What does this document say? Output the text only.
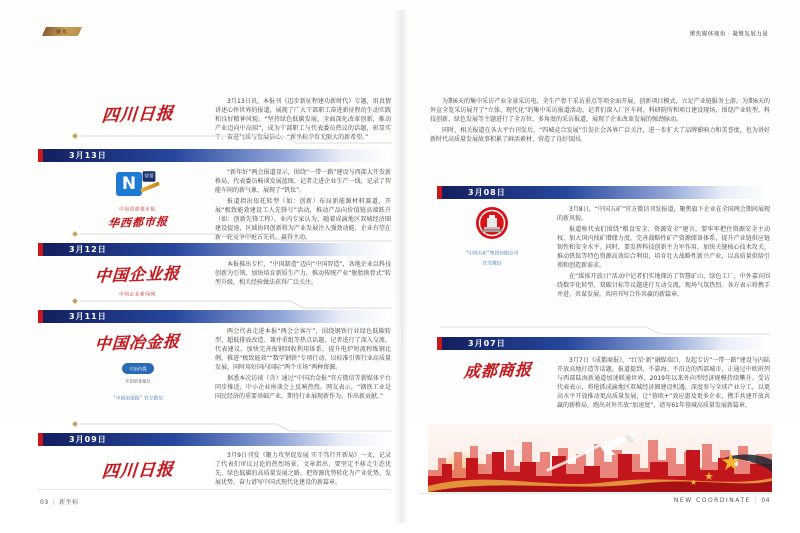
聚焦	聚焦媒体视角 · 凝聚发展力量
四川日报

3月13日讯，本报刊《迈步新征程建功新时代》专题，用真情讲述心怀世界的报道，展现了广大干部职工奋进新征程的生动实践和良好精神风貌。“坚持绿色低碳发展，全面深化改革创新，推动产业迈向中高端”，成为干部职工与代表委员热议的话题，彰显实干、奋进气质与发展信心，“新坐标孕育无限大的新希望。”

3月13日
N	帮帮
中国西部都市报
华西都市报

“新年好”两会报道显示，围绕“一带一路”建设与西部大开发新格局，代表委员畅谈发展蓝图，记者走进企业生产一线，记录了智能车间的新气象，展现了“钒钛”。

报道指出依托转型（如：创新）布局新能源材料赛道，开展“极致能效建设工人先锋号”活动，推动产品向价值链高端跃升（如：创新先锋工程）。业内专家认为，随着成渝地区双城经济圈建设提速，区域协同创新将为产业发展注入强劲动能，企业有望在新一轮竞争中抢占先机、赢得主动。

3月12日
中国企业报
中国企业新闻网

本报推出专栏，“中国制造”迈向“中国智造”，各地企业以科技创新为引领，加快培育新质生产力，推动传统产业“脱胎换骨式”转型升级，相关经验做法获得广泛关注。

3月11日
中国冶金报
中冶传媒
中国冶金报社
“中国冶金报” 官方微信

两会代表走进本报“两会会客厅”，围绕钢铁行业绿色低碳转型、超低排放改造、兼并重组等热点话题，记者进行了深入交流。代表建议，加快完善废钢回收利用体系，提升电炉短流程炼钢比例，推进“极致能效”“数字钢铁”专项行动，以标准引领行业高质量发展，同时用好国内国际“两个市场”两种资源。

据悉本次访谈（含）通过“中国冶金报”官方微信等新媒体平台同步推送，中小企业座谈会上反响热烈。网友表示，“钢铁工业是国民经济的重要基础产业，期待行业展现新作为、作出新贡献。”

3月09日
四川日报

3月9日刊发《聚力攻坚促发展 实干笃行开新局》一文，记录了代表们审议讨论的热烈场景。文章指出，要坚定不移走生态优先、绿色低碳的高质量发展之路，把资源优势转化为产业优势、发展优势，奋力谱写中国式现代化建设的新篇章。

03 | 新坐标

为期6天的集中采访产业全景采访电，全生产骨干采访重点等项全面开展，创新项目模式，立足产业链服务上游。为期6天的外宣全览采访展开了“立体、现代化”的集中采访报道活动，记者们深入厂区车间、科研院所和项目建设现场，围绕产业转型、科技创新、绿色发展等主题进行了全方位、多角度的采访报道，展现了企业改革发展的强劲脉动。

同时，相关报道在各大平台刊发后，“四城竞合发展”引发社会各界广泛关注，进一步扩大了品牌影响力和美誉度，也为讲好新时代高质量发展故事积累了鲜活素材、营造了良好氛围。

3月08日
“中国五矿”集团有限公司
官方微信

3月8日，“中国五矿”官方微信刊发报道，聚焦旗下企业在全国两会期间展现的新风貌。

报道称代表们围绕“粮食安全、资源安全”建言，要牢牢把住资源安全主动权，加大国内找矿增储力度，完善战略性矿产资源储备体系，提升产业链供应链韧性和安全水平。同时，要发挥科技创新主力军作用，加快关键核心技术攻关，推动钒钛等特色资源高效综合利用，培育壮大战略性新兴产业，以高质量供给引领和创造新需求。

在“媒体开放日”活动中记者们实地探访了智慧矿山、绿色工厂，中外嘉宾围绕数字化转型、双碳目标等议题进行互动交流，现场气氛热烈。各方表示将携手并进、共谋发展，共同书写合作共赢的新篇章。

3月07日
成都商报	3月7日《成都商报》、“红星·新”融媒端口，发起专访“一带一路”建设与内陆开放高地打造等话题。报道提到，不靠海、不沿边的西部城市，正通过中欧班列与西部陆海新通道加速联通世界，2019年以来外向型经济规模持续攀升。受访代表表示，将抢抓成渝地区双城经济圈建设机遇，深度参与全球产业分工，以更高水平开放推动更高质量发展，让“蓉欧+”效应惠及更多企业，携手共建开放共赢的新格局，跑出对外开放“加速度”，谱写61年蓉城高质量发展新篇章。

★
★
★
NEW COORDINATE | 04
